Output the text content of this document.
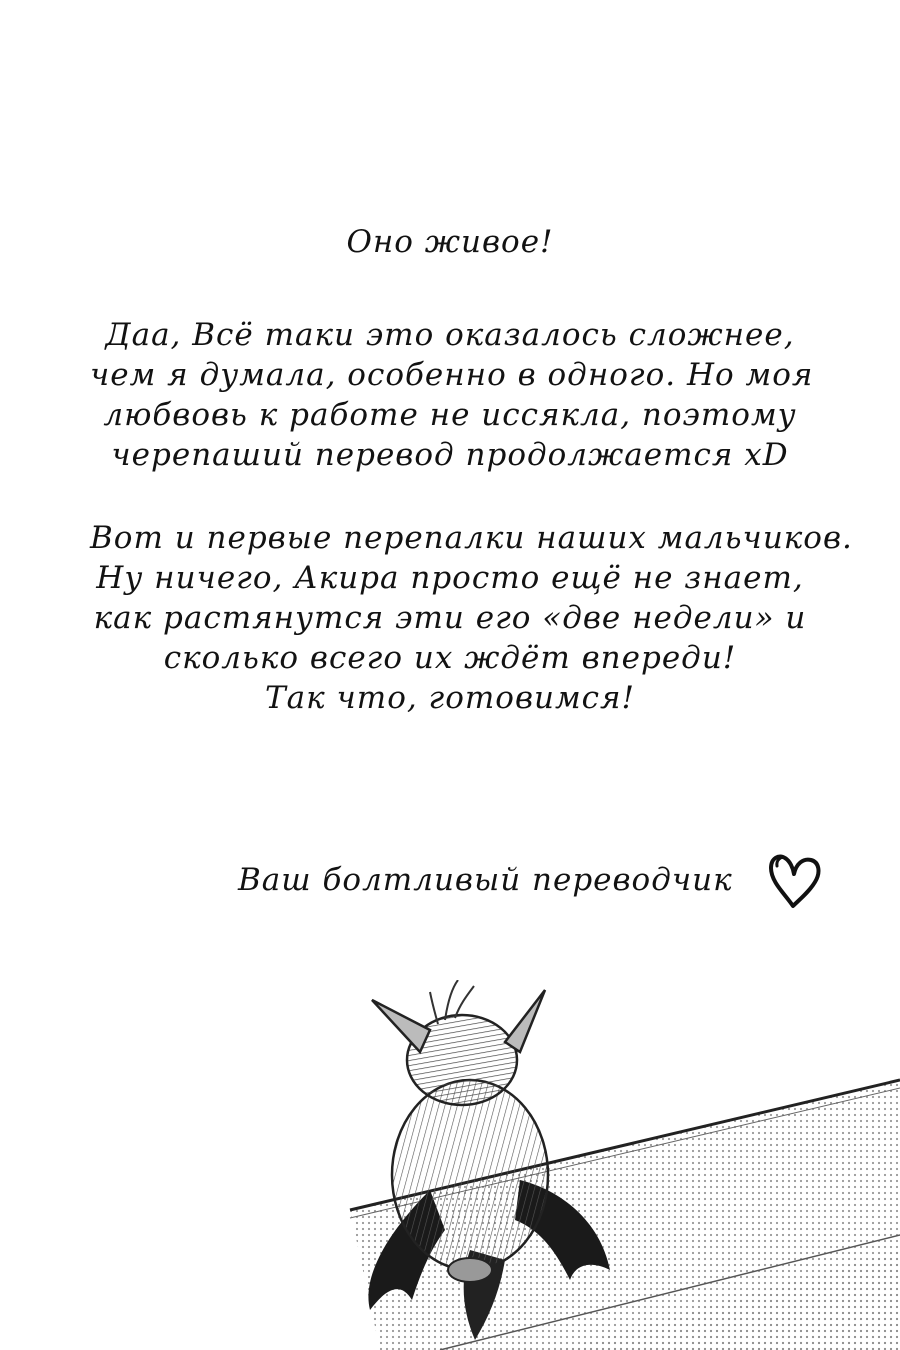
Оно живое!
Даа, Всё таки это оказалось сложнее,
чем я думала, особенно в одного. Но моя
любвовь к работе не иссякла, поэтому
черепаший перевод продолжается xD
Вот и первые перепалки наших мальчиков.
Ну ничего, Акира просто ещё не знает,
как растянутся эти его «две недели» и
сколько всего их ждёт впереди!
Так что, готовимся!
Ваш болтливый переводчик
